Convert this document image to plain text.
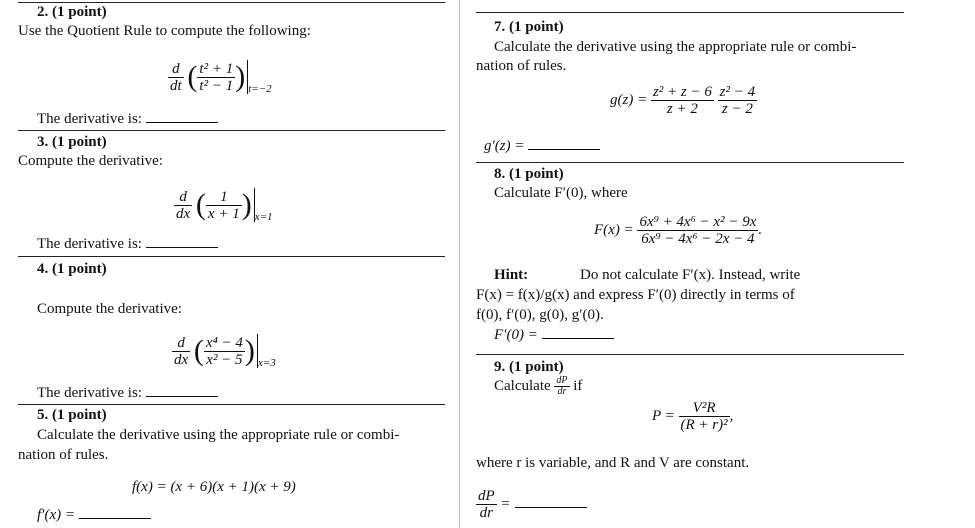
2. (1 point)
Use the Quotient Rule to compute the following:
$\frac{d}{dt}$ ( $\frac{\text{t² + 1}}{\text{t² − 1}}$ ) $_{t=-2}$
The derivative is:
3. (1 point)
Compute the derivative:
$\frac{d}{dx}$ ( $\frac{1}{x + 1}$ ) $_{x=1}$
The derivative is:
4. (1 point)
Compute the derivative:
$\frac{d}{dx}$ ( $\frac{\text{x⁴ − 4}}{\text{x² − 5}}$ ) $_{x=3}$
The derivative is:
5. (1 point)
Calculate the derivative using the appropriate rule or combi-
nation of rules.
f(x) = (x + 6)(x + 1)(x + 9)
f′(x) =
7. (1 point)
Calculate the derivative using the appropriate rule or combi-
nation of rules.
$g(z) = \frac{\text{z² + z − 6}}{z + 2}$
$\frac{\text{z² − 4}}{z - 2}$
g′(z) =
8. (1 point)
Calculate F′(0), where
$F(x) = \frac{\text{6x⁹ + 4x⁶ − x² − 9x}}{\text{6x⁹ − 4x⁶ − 2x − 4}}$ .
Hint:	Do not calculate F′(x). Instead, write
F(x) = f(x)/g(x) and express F′(0) directly in terms of
f(0), f′(0), g(0), g′(0).
F′(0) =
9. (1 point)
Calculate $\frac{dP}{dr}$ if
$P = \frac{\text{V²R}}{\text{(R + r)²}}$ ,
where r is variable, and R and V are constant.
$\frac{dP}{dr}$ =
